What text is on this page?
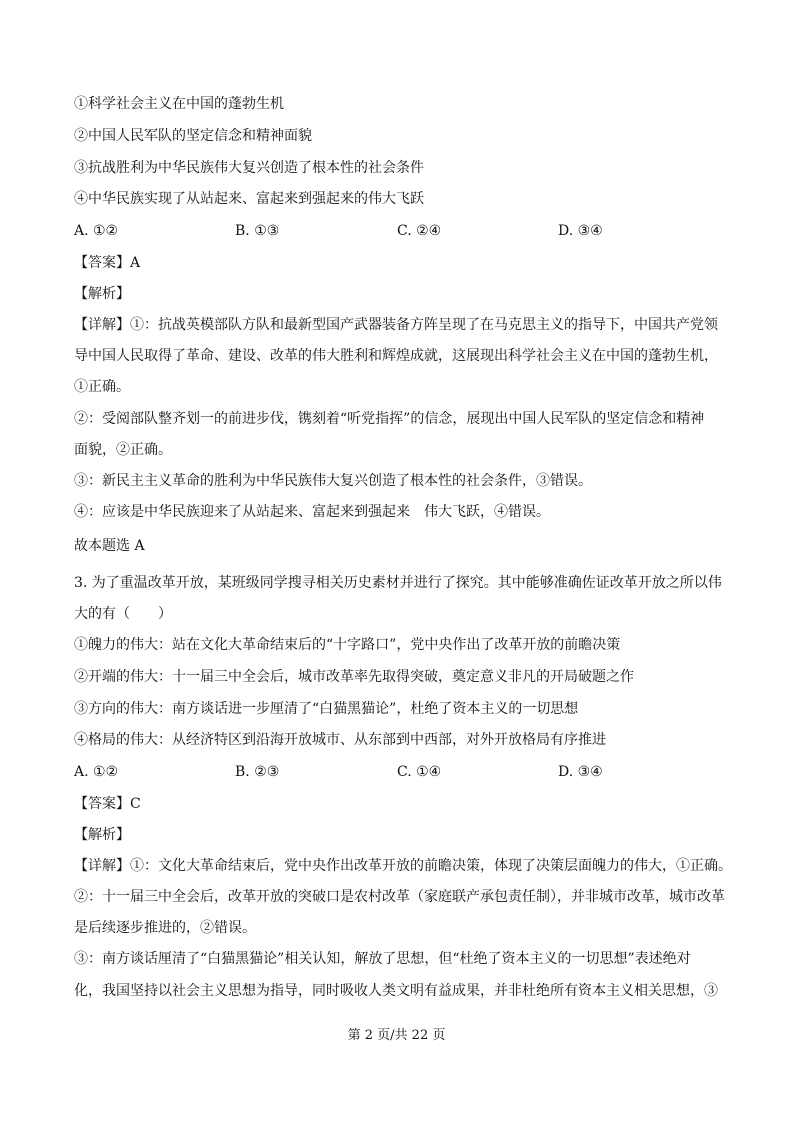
①科学社会主义在中国的蓬勃生机
②中国人民军队的坚定信念和精神面貌
③抗战胜利为中华民族伟大复兴创造了根本性的社会条件
④中华民族实现了从站起来、富起来到强起来的伟大飞跃
A. ①②	B. ①③	C. ②④	D. ③④
【答案】A
【解析】
【详解】①：抗战英模部队方队和最新型国产武器装备方阵呈现了在马克思主义的指导下，中国共产党领
导中国人民取得了革命、建设、改革的伟大胜利和辉煌成就，这展现出科学社会主义在中国的蓬勃生机，
①正确。
②：受阅部队整齐划一的前进步伐，镌刻着“听党指挥”的信念，展现出中国人民军队的坚定信念和精神
面貌，②正确。
③：新民主主义革命的胜利为中华民族伟大复兴创造了根本性的社会条件，③错误。
④：应该是中华民族迎来了从站起来、富起来到强起来　伟大飞跃，④错误。
故本题选 A
3. 为了重温改革开放，某班级同学搜寻相关历史素材并进行了探究。其中能够准确佐证改革开放之所以伟
大的有（　　）
①魄力的伟大：站在文化大革命结束后的“十字路口”，党中央作出了改革开放的前瞻决策
②开端的伟大：十一届三中全会后，城市改革率先取得突破，奠定意义非凡的开局破题之作
③方向的伟大：南方谈话进一步厘清了“白猫黑猫论”，杜绝了资本主义的一切思想
④格局的伟大：从经济特区到沿海开放城市、从东部到中西部，对外开放格局有序推进
A. ①②	B. ②③	C. ①④	D. ③④
【答案】C
【解析】
【详解】①：文化大革命结束后，党中央作出改革开放的前瞻决策，体现了决策层面魄力的伟大，①正确。
②：十一届三中全会后，改革开放的突破口是农村改革（家庭联产承包责任制），并非城市改革，城市改革
是后续逐步推进的，②错误。
③：南方谈话厘清了“白猫黑猫论”相关认知，解放了思想，但“杜绝了资本主义的一切思想”表述绝对
化，我国坚持以社会主义思想为指导，同时吸收人类文明有益成果，并非杜绝所有资本主义相关思想，③
第 2 页/共 22 页
